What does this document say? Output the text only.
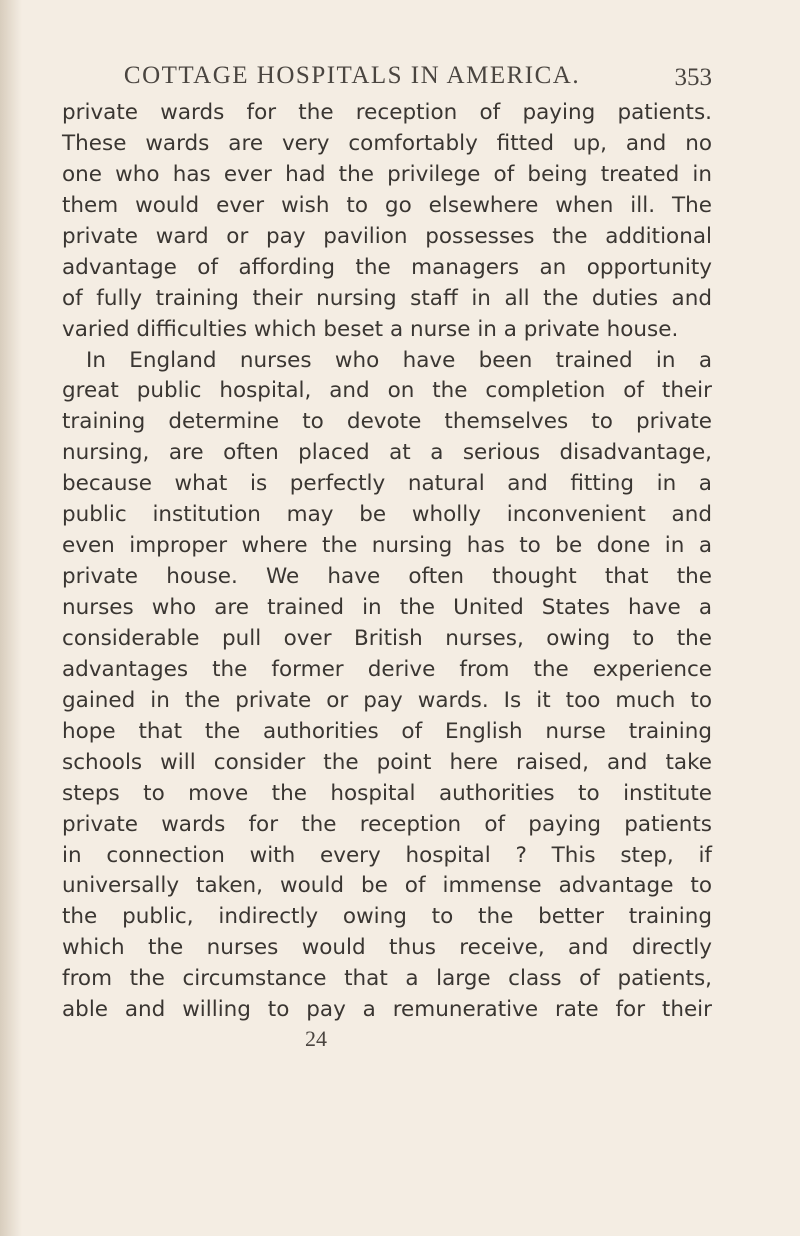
COTTAGE HOSPITALS IN AMERICA.	353
private wards for the reception of paying patients.
These wards are very comfortably fitted up, and no
one who has ever had the privilege of being treated in
them would ever wish to go elsewhere when ill. The
private ward or pay pavilion possesses the additional
advantage of affording the managers an opportunity
of fully training their nursing staff in all the duties and
varied difficulties which beset a nurse in a private house.
In England nurses who have been trained in a
great public hospital, and on the completion of their
training determine to devote themselves to private
nursing, are often placed at a serious disadvantage,
because what is perfectly natural and fitting in a
public institution may be wholly inconvenient and
even improper where the nursing has to be done in a
private house. We have often thought that the
nurses who are trained in the United States have a
considerable pull over British nurses, owing to the
advantages the former derive from the experience
gained in the private or pay wards. Is it too much to
hope that the authorities of English nurse training
schools will consider the point here raised, and take
steps to move the hospital authorities to institute
private wards for the reception of paying patients
in connection with every hospital ? This step, if
universally taken, would be of immense advantage to
the public, indirectly owing to the better training
which the nurses would thus receive, and directly
from the circumstance that a large class of patients,
able and willing to pay a remunerative rate for their
24
